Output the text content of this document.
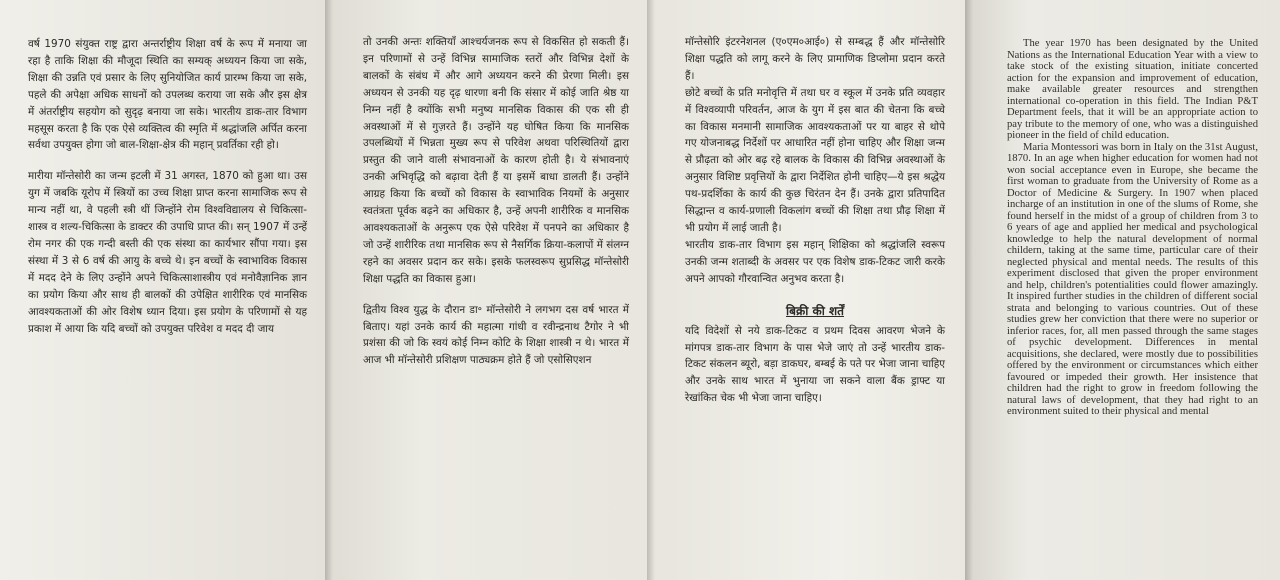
वर्ष 1970 संयुक्त राष्ट्र द्वारा अन्तर्राष्ट्रीय शिक्षा वर्ष के रूप में मनाया जा रहा है ताकि शिक्षा की मौजूदा स्थिति का सम्यक् अध्ययन किया जा सके, शिक्षा की उन्नति एवं प्रसार के लिए सुनियोजित कार्य प्रारम्भ किया जा सके, पहले की अपेक्षा अधिक साधनों को उपलब्ध कराया जा सके और इस क्षेत्र में अंतर्राष्ट्रीय सहयोग को सुदृढ़ बनाया जा सके। भारतीय डाक-तार विभाग महसूस करता है कि एक ऐसे व्यक्तित्व की स्मृति में श्रद्धांजलि अर्पित करना सर्वथा उपयुक्त होगा जो बाल-शिक्षा-क्षेत्र की महान् प्रवर्तिका रही हो।

मारीया मॉन्तेसोरी का जन्म इटली में 31 अगस्त, 1870 को हुआ था। उस युग में जबकि यूरोप में स्त्रियों का उच्च शिक्षा प्राप्त करना सामाजिक रूप से मान्य नहीं था, वे पहली स्त्री थीं जिन्होंने रोम विश्वविद्यालय से चिकित्सा-शास्त्र व शल्य-चिकित्सा के डाक्टर की उपाधि प्राप्त की। सन् 1907 में उन्हें रोम नगर की एक गन्दी बस्ती की एक संस्था का कार्यभार सौंपा गया। इस संस्था में 3 से 6 वर्ष की आयु के बच्चे थे। इन बच्चों के स्वाभाविक विकास में मदद देने के लिए उन्होंने अपने चिकित्साशास्त्रीय एवं मनोवैज्ञानिक ज्ञान का प्रयोग किया और साथ ही बालकों की उपेक्षित शारीरिक एवं मानसिक आवश्यकताओं की ओर विशेष ध्यान दिया। इस प्रयोग के परिणामों से यह प्रकाश में आया कि यदि बच्चों को उपयुक्त परिवेश व मदद दी जाय

तो उनकी अन्तः शक्तियाँ आश्चर्यजनक रूप से विकसित हो सकती हैं। इन परिणामों से उन्हें विभिन्न सामाजिक स्तरों और विभिन्न देशों के बालकों के संबंध में और आगे अध्ययन करने की प्रेरणा मिली। इस अध्ययन से उनकी यह दृढ़ धारणा बनी कि संसार में कोई जाति श्रेष्ठ या निम्न नहीं है क्योंकि सभी मनुष्य मानसिक विकास की एक सी ही अवस्थाओं में से गुज़रते हैं। उन्होंने यह घोषित किया कि मानसिक उपलब्धियों में भिन्नता मुख्य रूप से परिवेश अथवा परिस्थितियों द्वारा प्रस्तुत की जाने वाली संभावनाओं के कारण होती है। ये संभावनाएं उनकी अभिवृद्धि को बढ़ावा देती हैं या इसमें बाधा डालती हैं। उन्होंने आग्रह किया कि बच्चों को विकास के स्वाभाविक नियमों के अनुसार स्वतंत्रता पूर्वक बढ़ने का अधिकार है, उन्हें अपनी शारीरिक व मानसिक आवश्यकताओं के अनुरूप एक ऐसे परिवेश में पनपने का अधिकार है जो उन्हें शारीरिक तथा मानसिक रूप से नैसर्गिक क्रिया-कलापों में संलग्न रहने का अवसर प्रदान कर सके। इसके फलस्वरूप सुप्रसिद्ध मॉन्तेसोरी शिक्षा पद्धति का विकास हुआ।

द्वितीय विश्व युद्ध के दौरान डा॰ मॉन्तेसोरी ने लगभग दस वर्ष भारत में बिताए। यहां उनके कार्य की महात्मा गांधी व रवीन्द्रनाथ टैगोर ने भी प्रशंसा की जो कि स्वयं कोई निम्न कोटि के शिक्षा शास्त्री न थे। भारत में आज भी मॉन्तेसोरी प्रशिक्षण पाठ्यक्रम होते हैं जो एसोसिएशन

मॉन्तेसोरि इंटरनेशनल (ए०एम०आई०) से सम्बद्ध हैं और मॉन्तेसोरि शिक्षा पद्धति को लागू करने के लिए प्रामाणिक डिप्लोमा प्रदान करते हैं।

छोटे बच्चों के प्रति मनोवृत्ति में तथा घर व स्कूल में उनके प्रति व्यवहार में विश्वव्यापी परिवर्तन, आज के युग में इस बात की चेतना कि बच्चे का विकास मनमानी सामाजिक आवश्यकताओं पर या बाहर से थोपे गए योजनाबद्ध निर्देशों पर आधारित नहीं होना चाहिए और शिक्षा जन्म से प्रौढ़ता को ओर बढ़ रहे बालक के विकास की विभिन्न अवस्थाओं के अनुसार विशिष्ट प्रवृत्तियों के द्वारा निर्देशित होनी चाहिए—ये इस श्रद्धेय पथ-प्रदर्शिका के कार्य की कुछ चिरंतन देन हैं। उनके द्वारा प्रतिपादित सिद्धान्त व कार्य-प्रणाली विकलांग बच्चों की शिक्षा तथा प्रौढ़ शिक्षा में भी प्रयोग में लाई जाती है।

भारतीय डाक-तार विभाग इस महान् शिक्षिका को श्रद्धांजलि स्वरूप उनकी जन्म शताब्दी के अवसर पर एक विशेष डाक-टिकट जारी करके अपने आपको गौरवान्वित अनुभव करता है।

बिक्री की शर्तें

यदि विदेशों से नये डाक-टिकट व प्रथम दिवस आवरण भेजने के मांगपत्र डाक-तार विभाग के पास भेजे जाएं तो उन्हें भारतीय डाक-टिकट संकलन ब्यूरो, बड़ा डाकघर, बम्बई के पते पर भेजा जाना चाहिए और उनके साथ भारत में भुनाया जा सकने वाला बैंक ड्राफ्ट या रेखांकित चेक भी भेजा जाना चाहिए।

The year 1970 has been designated by the United Nations as the International Education Year with a view to take stock of the existing situation, initiate concerted action for the expansion and improvement of education, make available greater resources and strengthen international co-operation in this field. The Indian P&T Department feels, that it will be an appropriate action to pay tribute to the memory of one, who was a distinguished pioneer in the field of child education.

Maria Montessori was born in Italy on the 31st August, 1870. In an age when higher education for women had not won social acceptance even in Europe, she became the first woman to graduate from the University of Rome as a Doctor of Medicine & Surgery. In 1907 when placed incharge of an institution in one of the slums of Rome, she found herself in the midst of a group of children from 3 to 6 years of age and applied her medical and psychological knowledge to help the natural development of normal childern, taking at the same time, particular care of their neglected physical and mental needs. The results of this experiment disclosed that given the proper environment and help, children's potentialities could flower amazingly. It inspired further studies in the children of different social strata and belonging to various countries. Out of these studies grew her conviction that there were no superior or inferior races, for, all men passed through the same stages of psychic development. Differences in mental acquisitions, she declared, were mostly due to possibilities offered by the environment or circumstances which either favoured or impeded their growth. Her insistence that children had the right to grow in freedom following the natural laws of development, that they had right to an environment suited to their physical and mental
